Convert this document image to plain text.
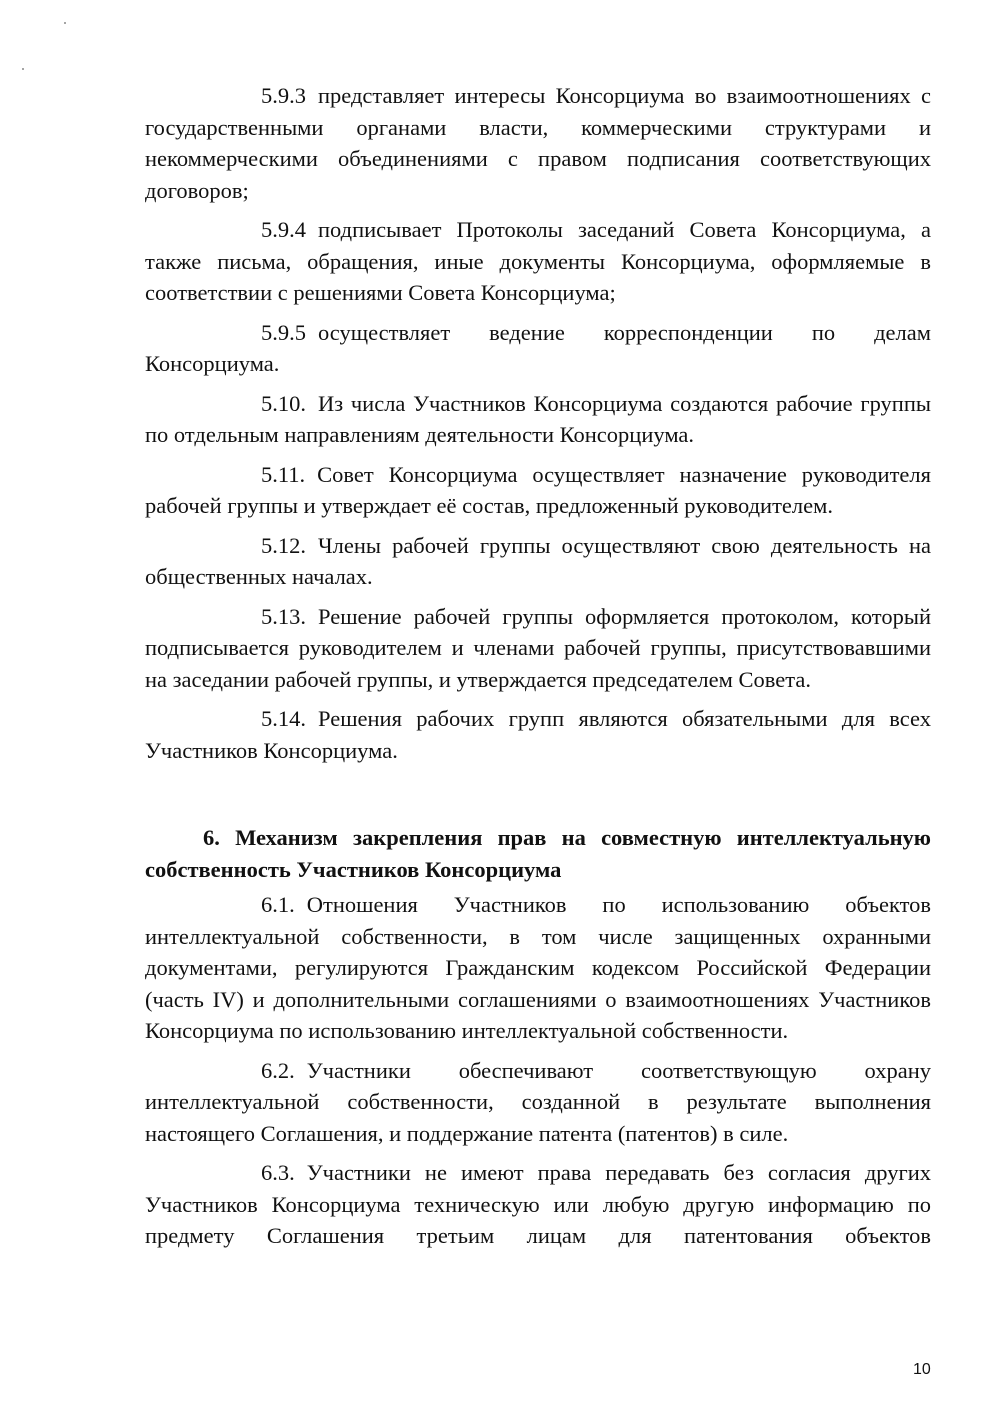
5.9.3 представляет интересы Консорциума во взаимоотношениях с государственными органами власти, коммерческими структурами и некоммерческими объединениями с правом подписания соответствующих договоров;

5.9.4 подписывает Протоколы заседаний Совета Консорциума, а также письма, обращения, иные документы Консорциума, оформляемые в соответствии с решениями Совета Консорциума;

5.9.5 осуществляет ведение корреспонденции по делам Консорциума.

5.10. Из числа Участников Консорциума создаются рабочие группы по отдельным направлениям деятельности Консорциума.

5.11. Совет Консорциума осуществляет назначение руководителя рабочей группы и утверждает её состав, предложенный руководителем.

5.12. Члены рабочей группы осуществляют свою деятельность на общественных началах.

5.13. Решение рабочей группы оформляется протоколом, который подписывается руководителем и членами рабочей группы, присутствовавшими на заседании рабочей группы, и утверждается председателем Совета.

5.14. Решения рабочих групп являются обязательными для всех Участников Консорциума.

6. Механизм закрепления прав на совместную интеллектуальную собственность Участников Консорциума

6.1. Отношения Участников по использованию объектов интеллектуальной собственности, в том числе защищенных охранными документами, регулируются Гражданским кодексом Российской Федерации (часть IV) и дополнительными соглашениями о взаимоотношениях Участников Консорциума по использованию интеллектуальной собственности.

6.2. Участники обеспечивают соответствующую охрану интеллектуальной собственности, созданной в результате выполнения настоящего Соглашения, и поддержание патента (патентов) в силе.

6.3. Участники не имеют права передавать без согласия других Участников Консорциума техническую или любую другую информацию по предмету Соглашения третьим лицам для патентования объектов

10
